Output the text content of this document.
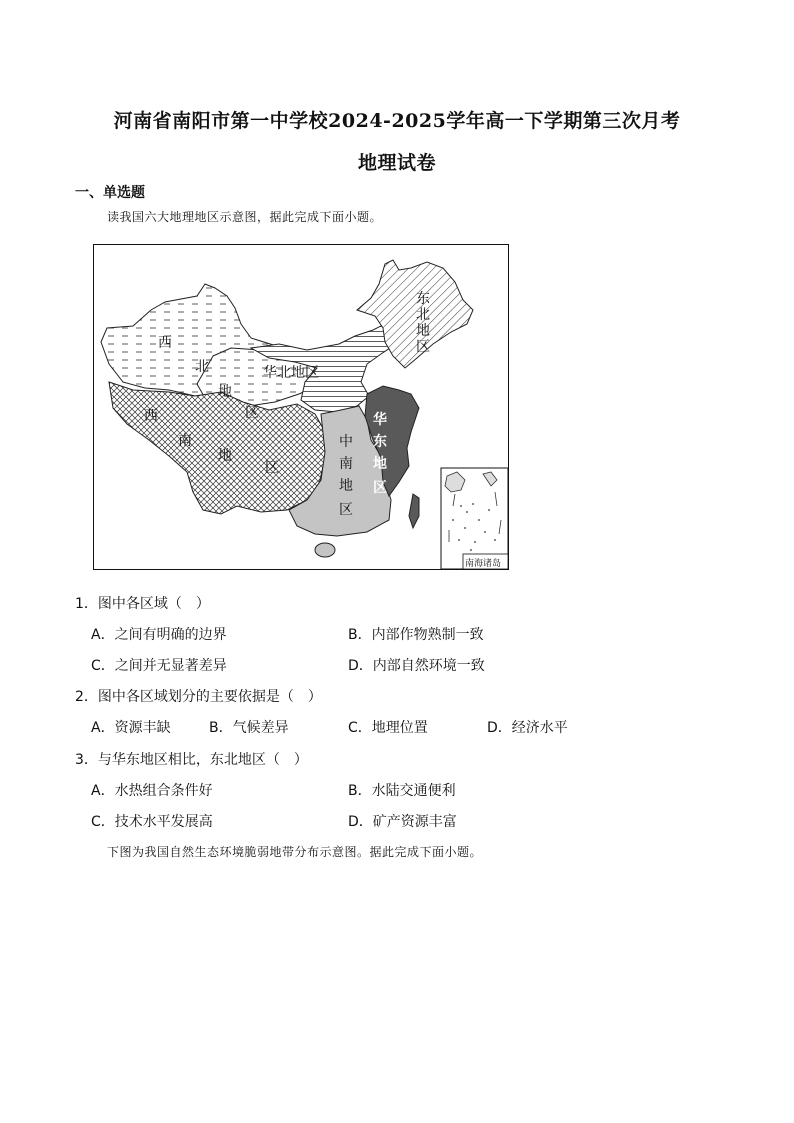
河南省南阳市第一中学校2024-2025学年高一下学期第三次月考
地理试卷
一、单选题
读我国六大地理地区示意图，据此完成下面小题。
西
北
地
区
西
南
地
区
华北地区
东
北
地
区
中
南
地
区
华
东
地
区
南海诸岛
1．图中各区域（　）
A．之间有明确的边界	B．内部作物熟制一致
C．之间并无显著差异	D．内部自然环境一致
2．图中各区域划分的主要依据是（　）
A．资源丰缺	B．气候差异	C．地理位置	D．经济水平
3．与华东地区相比，东北地区（　）
A．水热组合条件好	B．水陆交通便利
C．技术水平发展高	D．矿产资源丰富
下图为我国自然生态环境脆弱地带分布示意图。据此完成下面小题。
